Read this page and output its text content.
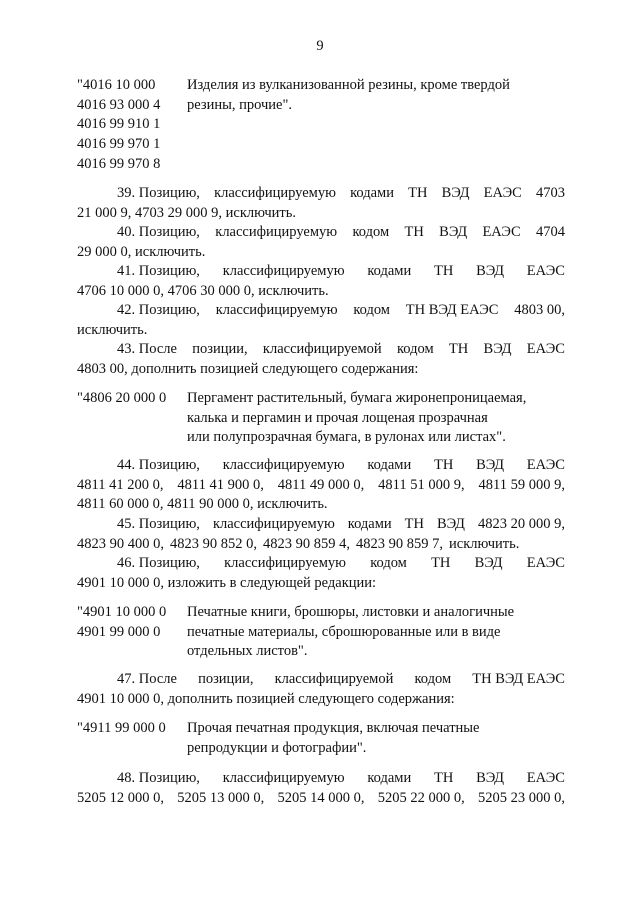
9
"4016 10 000
4016 93 000 4
4016 99 910 1
4016 99 970 1
4016 99 970 8
Изделия из вулканизованной резины, кроме твердой
резины, прочие".
39. Позицию, классифицируемую кодами ТН ВЭД ЕАЭС 4703
21 000 9, 4703 29 000 9, исключить.
40. Позицию, классифицируемую кодом ТН ВЭД ЕАЭС 4704
29 000 0, исключить.
41. Позицию, классифицируемую кодами ТН ВЭД ЕАЭС
4706 10 000 0, 4706 30 000 0, исключить.
42. Позицию, классифицируемую кодом ТН ВЭД ЕАЭС 4803 00,
исключить.
43. После позиции, классифицируемой кодом ТН ВЭД ЕАЭС
4803 00, дополнить позицией следующего содержания:
"4806 20 000 0	Пергамент растительный, бумага жиронепроницаемая,
калька и пергамин и прочая лощеная прозрачная
или полупрозрачная бумага, в рулонах или листах".
44. Позицию, классифицируемую кодами ТН ВЭД ЕАЭС
4811 41 200 0, 4811 41 900 0, 4811 49 000 0, 4811 51 000 9, 4811 59 000 9,
4811 60 000 0, 4811 90 000 0, исключить.
45. Позицию, классифицируемую кодами ТН ВЭД 4823 20 000 9,
4823 90 400 0, 4823 90 852 0, 4823 90 859 4, 4823 90 859 7, исключить.
46. Позицию, классифицируемую кодом ТН ВЭД ЕАЭС
4901 10 000 0, изложить в следующей редакции:
"4901 10 000 0
4901 99 000 0
Печатные книги, брошюры, листовки и аналогичные
печатные материалы, сброшюрованные или в виде
отдельных листов".
47. После позиции, классифицируемой кодом ТН ВЭД ЕАЭС
4901 10 000 0, дополнить позицией следующего содержания:
"4911 99 000 0	Прочая печатная продукция, включая печатные
репродукции и фотографии".
48. Позицию, классифицируемую кодами ТН ВЭД ЕАЭС
5205 12 000 0, 5205 13 000 0, 5205 14 000 0, 5205 22 000 0, 5205 23 000 0,
